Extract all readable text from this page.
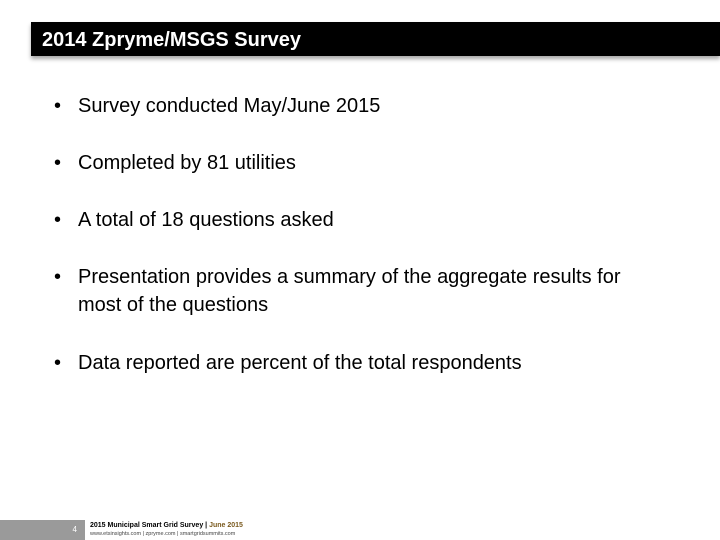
2014 Zpryme/MSGS Survey
• Survey conducted May/June 2015
• Completed by 81 utilities
• A total of 18 questions asked
• Presentation provides a summary of the aggregate results for most of the questions
• Data reported are percent of the total respondents
4 2015 Municipal Smart Grid Survey | June 2015
www.etsinsights.com | zpryme.com | smartgridsummits.com
